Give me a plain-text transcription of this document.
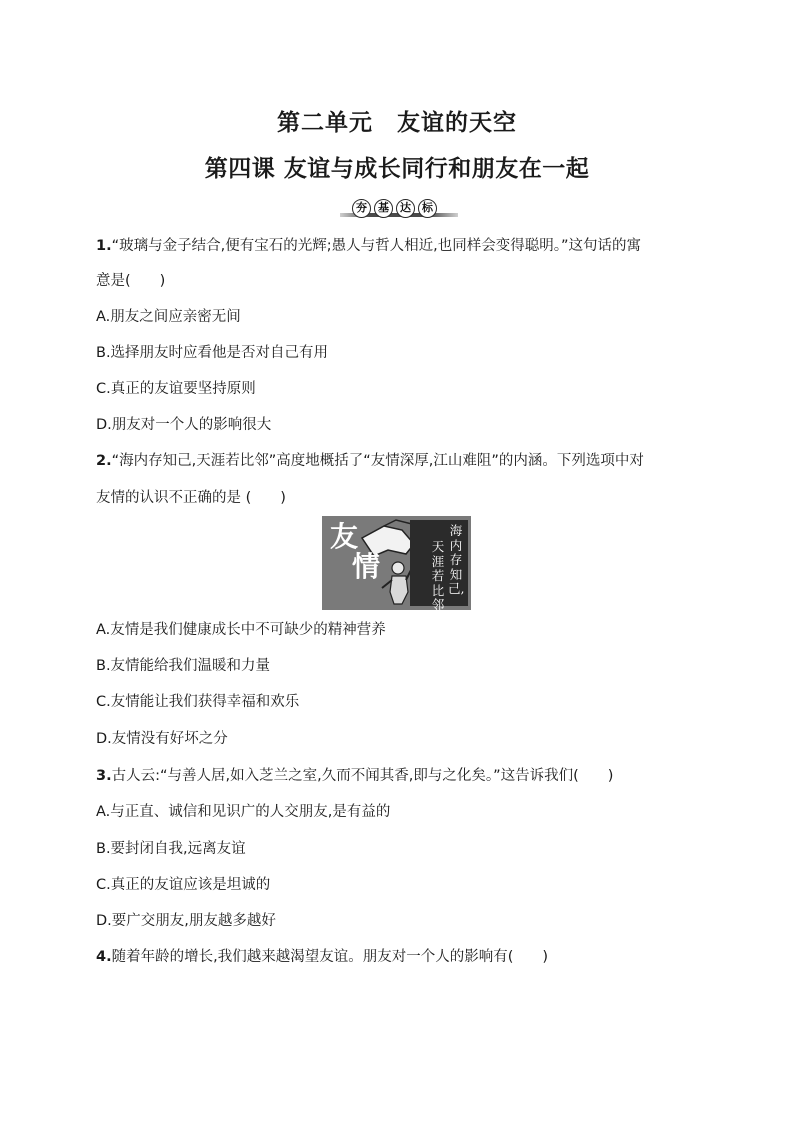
第二单元　友谊的天空
第四课 友谊与成长同行和朋友在一起
夯	基	达	标

1.“玻璃与金子结合,便有宝石的光辉;愚人与哲人相近,也同样会变得聪明。”这句话的寓

意是(　　)

A.朋友之间应亲密无间

B.选择朋友时应看他是否对自己有用

C.真正的友谊要坚持原则

D.朋友对一个人的影响很大

2.“海内存知己,天涯若比邻”高度地概括了“友情深厚,江山难阻”的内涵。下列选项中对

友情的认识不正确的是 (　　)

友
情
海内存知己,
天涯若比邻

A.友情是我们健康成长中不可缺少的精神营养

B.友情能给我们温暖和力量

C.友情能让我们获得幸福和欢乐

D.友情没有好坏之分

3.古人云:“与善人居,如入芝兰之室,久而不闻其香,即与之化矣。”这告诉我们(　　)

A.与正直、诚信和见识广的人交朋友,是有益的

B.要封闭自我,远离友谊

C.真正的友谊应该是坦诚的

D.要广交朋友,朋友越多越好

4.随着年龄的增长,我们越来越渴望友谊。朋友对一个人的影响有(　　)
